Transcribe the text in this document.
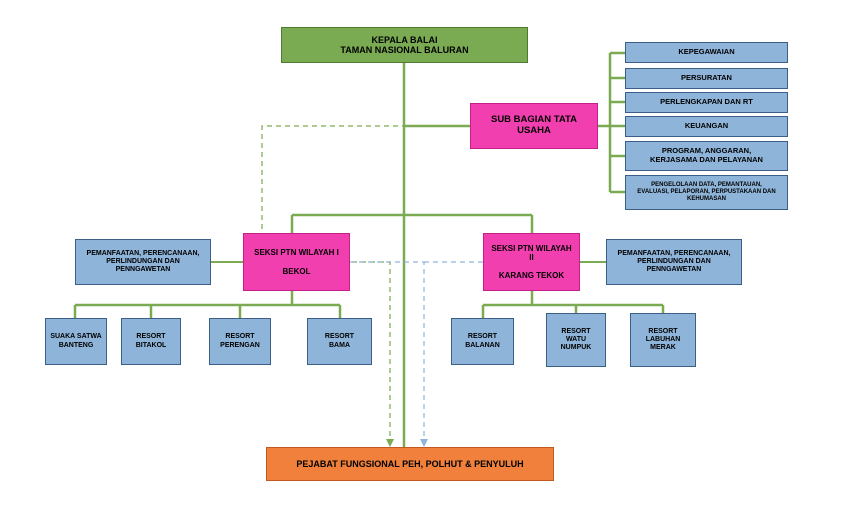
KEPALA BALAI
TAMAN NASIONAL BALURAN
SUB BAGIAN TATA
USAHA
KEPEGAWAIAN
PERSURATAN
PERLENGKAPAN DAN RT
KEUANGAN
PROGRAM, ANGGARAN,
KERJASAMA DAN PELAYANAN
PENGELOLAAN DATA, PEMANTAUAN,
EVALUASI, PELAPORAN, PERPUSTAKAAN DAN
KEHUMASAN
SEKSI PTN WILAYAH I
BEKOL
SEKSI PTN WILAYAH
II
KARANG TEKOK
PEMANFAATAN, PERENCANAAN,
PERLINDUNGAN DAN
PENNGAWETAN
PEMANFAATAN, PERENCANAAN,
PERLINDUNGAN DAN
PENNGAWETAN
SUAKA SATWA
BANTENG
RESORT
BITAKOL
RESORT
PERENGAN
RESORT
BAMA
RESORT
BALANAN
RESORT
WATU
NUMPUK
RESORT
LABUHAN
MERAK
PEJABAT FUNGSIONAL PEH, POLHUT & PENYULUH
